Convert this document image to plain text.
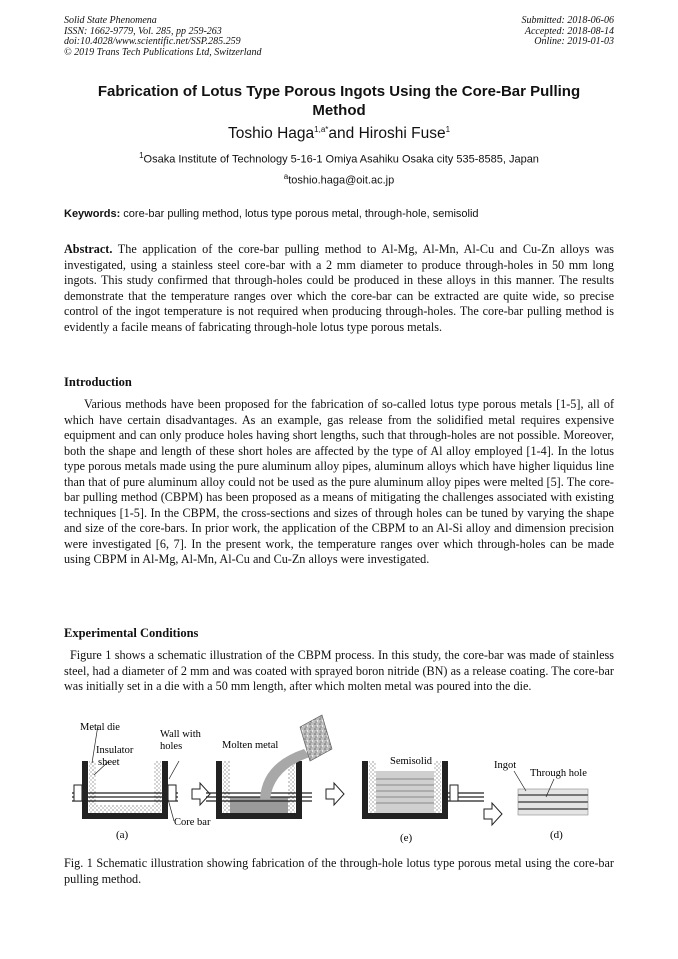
Solid State Phenomena
ISSN: 1662-9779, Vol. 285, pp 259-263
doi:10.4028/www.scientific.net/SSP.285.259
© 2019 Trans Tech Publications Ltd, Switzerland
Submitted: 2018-06-06
Accepted: 2018-08-14
Online: 2019-01-03
Fabrication of Lotus Type Porous Ingots Using the Core-Bar Pulling Method
Toshio Haga$^{1,a*}$and Hiroshi Fuse$^1$
$^1$Osaka Institute of Technology 5-16-1 Omiya Asahiku Osaka city 535-8585, Japan
$^a$toshio.haga@oit.ac.jp
Keywords: core-bar pulling method, lotus type porous metal, through-hole, semisolid
Abstract. The application of the core-bar pulling method to Al-Mg, Al-Mn, Al-Cu and Cu-Zn alloys was investigated, using a stainless steel core-bar with a 2 mm diameter to produce through-holes in 50 mm long ingots. This study confirmed that through-holes could be produced in these alloys in this manner. The results demonstrate that the temperature ranges over which the core-bar can be extracted are quite wide, so precise control of the ingot temperature is not required when producing through-holes. The core-bar pulling method is evidently a facile means of fabricating through-hole lotus type porous metals.
Introduction
Various methods have been proposed for the fabrication of so-called lotus type porous metals [1-5], all of which have certain disadvantages. As an example, gas release from the solidified metal requires expensive equipment and can only produce holes having short lengths, such that through-holes are not possible. Moreover, both the shape and length of these short holes are affected by the type of Al alloy employed [1-4]. In the lotus type porous metals made using the pure aluminum alloy pipes, aluminum alloys which have higher liquidus line than that of pure aluminum alloy could not be used as the pure aluminum alloy pipes were melted [5]. The core-bar pulling method (CBPM) has been proposed as a means of mitigating the challenges associated with existing techniques [1-5]. In the CBPM, the cross-sections and sizes of through holes can be tuned by varying the shape and size of the core-bars. In prior work, the application of the CBPM to an Al-Si alloy and dimension precision were investigated [6, 7]. In the present work, the temperature ranges over which through-holes can be made using CBPM in Al-Mg, Al-Mn, Al-Cu and Cu-Zn alloys were investigated.
Experimental Conditions
Figure 1 shows a schematic illustration of the CBPM process. In this study, the core-bar was made of stainless steel, had a diameter of 2 mm and was coated with sprayed boron nitride (BN) as a release coating. The core-bar was initially set in a die with a 50 mm length, after which molten metal was poured into the die.
Metal die
Insulator
sheet
Wall with
holes
Core bar
(a)
Molten metal
Semisolid
(e)
Ingot
Through hole
(d)
Fig. 1 Schematic illustration showing fabrication of the through-hole lotus type porous metal using the core-bar pulling method.
